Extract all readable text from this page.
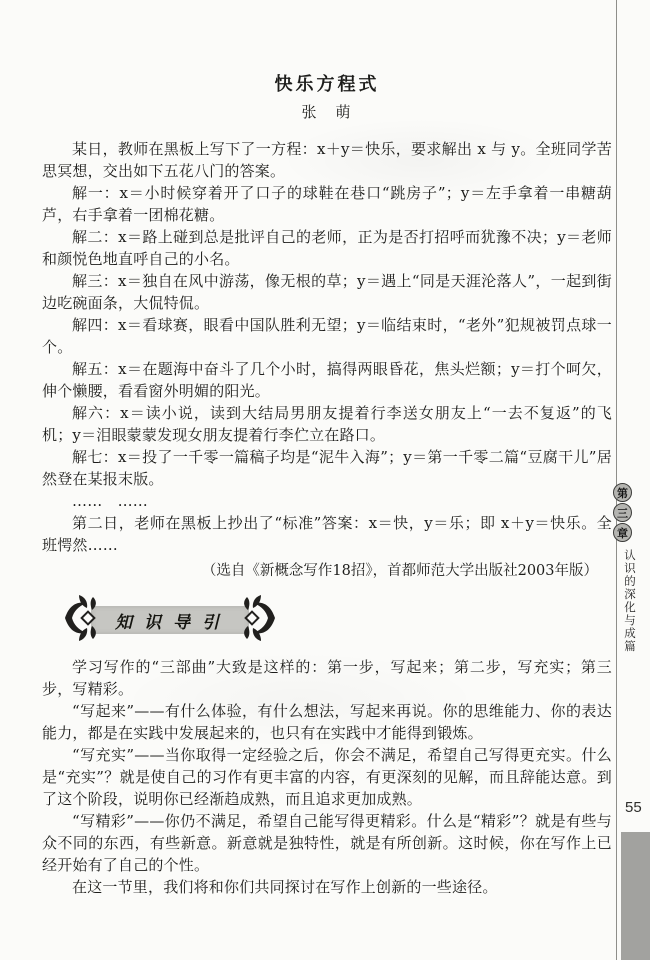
快乐方程式
张　萌

某日，教师在黑板上写下了一方程：x＋y＝快乐，要求解出 x 与 y。全班同学苦思冥想，交出如下五花八门的答案。

解一：x＝小时候穿着开了口子的球鞋在巷口“跳房子”；y＝左手拿着一串糖葫芦，右手拿着一团棉花糖。

解二：x＝路上碰到总是批评自己的老师，正为是否打招呼而犹豫不决；y＝老师和颜悦色地直呼自己的小名。

解三：x＝独自在风中游荡，像无根的草；y＝遇上“同是天涯沦落人”，一起到街边吃碗面条，大侃特侃。

解四：x＝看球赛，眼看中国队胜利无望；y＝临结束时，“老外”犯规被罚点球一个。

解五：x＝在题海中奋斗了几个小时，搞得两眼昏花，焦头烂额；y＝打个呵欠，伸个懒腰，看看窗外明媚的阳光。

解六：x＝读小说，读到大结局男朋友提着行李送女朋友上“一去不复返”的飞机；y＝泪眼蒙蒙发现女朋友提着行李伫立在路口。

解七：x＝投了一千零一篇稿子均是“泥牛入海”；y＝第一千零二篇“豆腐干儿”居然登在某报末版。

……　……

第二日，老师在黑板上抄出了“标准”答案：x＝快，y＝乐；即 x＋y＝快乐。全班愕然……

（选自《新概念写作18招》，首都师范大学出版社2003年版）
知识导引

学习写作的“三部曲”大致是这样的：第一步，写起来；第二步，写充实；第三步，写精彩。

“写起来”——有什么体验，有什么想法，写起来再说。你的思维能力、你的表达能力，都是在实践中发展起来的，也只有在实践中才能得到锻炼。

“写充实”——当你取得一定经验之后，你会不满足，希望自己写得更充实。什么是“充实”？就是使自己的习作有更丰富的内容，有更深刻的见解，而且辞能达意。到了这个阶段，说明你已经渐趋成熟，而且追求更加成熟。

“写精彩”——你仍不满足，希望自己能写得更精彩。什么是“精彩”？就是有些与众不同的东西，有些新意。新意就是独特性，就是有所创新。这时候，你在写作上已经开始有了自己的个性。

在这一节里，我们将和你们共同探讨在写作上创新的一些途径。

第
三
章
认识的深化与成篇
55
